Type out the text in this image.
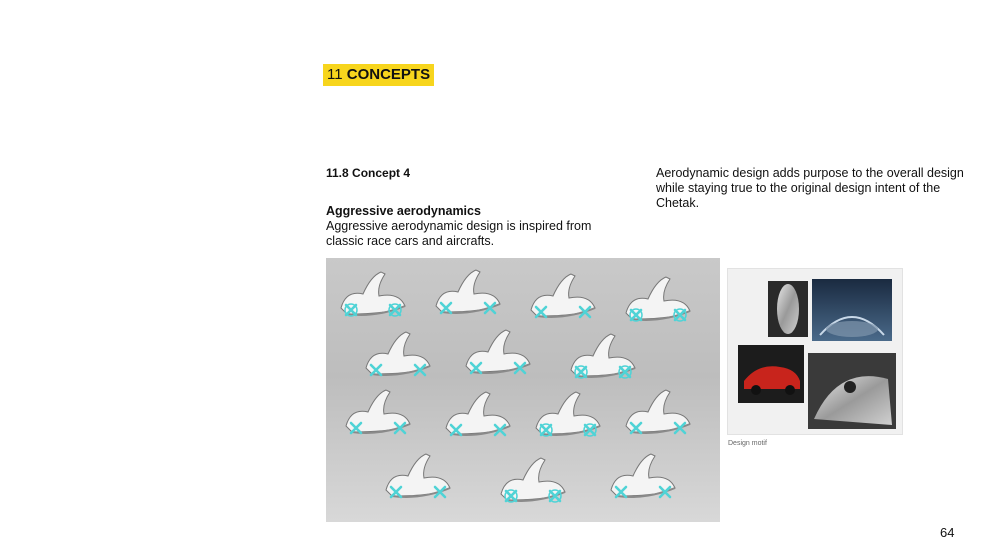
11 CONCEPTS
11.8 Concept 4
Aggressive aerodynamics
Aggressive aerodynamic design is inspired from classic race cars and aircrafts.
Aerodynamic design adds purpose to the overall design while staying true to the original design intent of the Chetak.
Design motif
64
